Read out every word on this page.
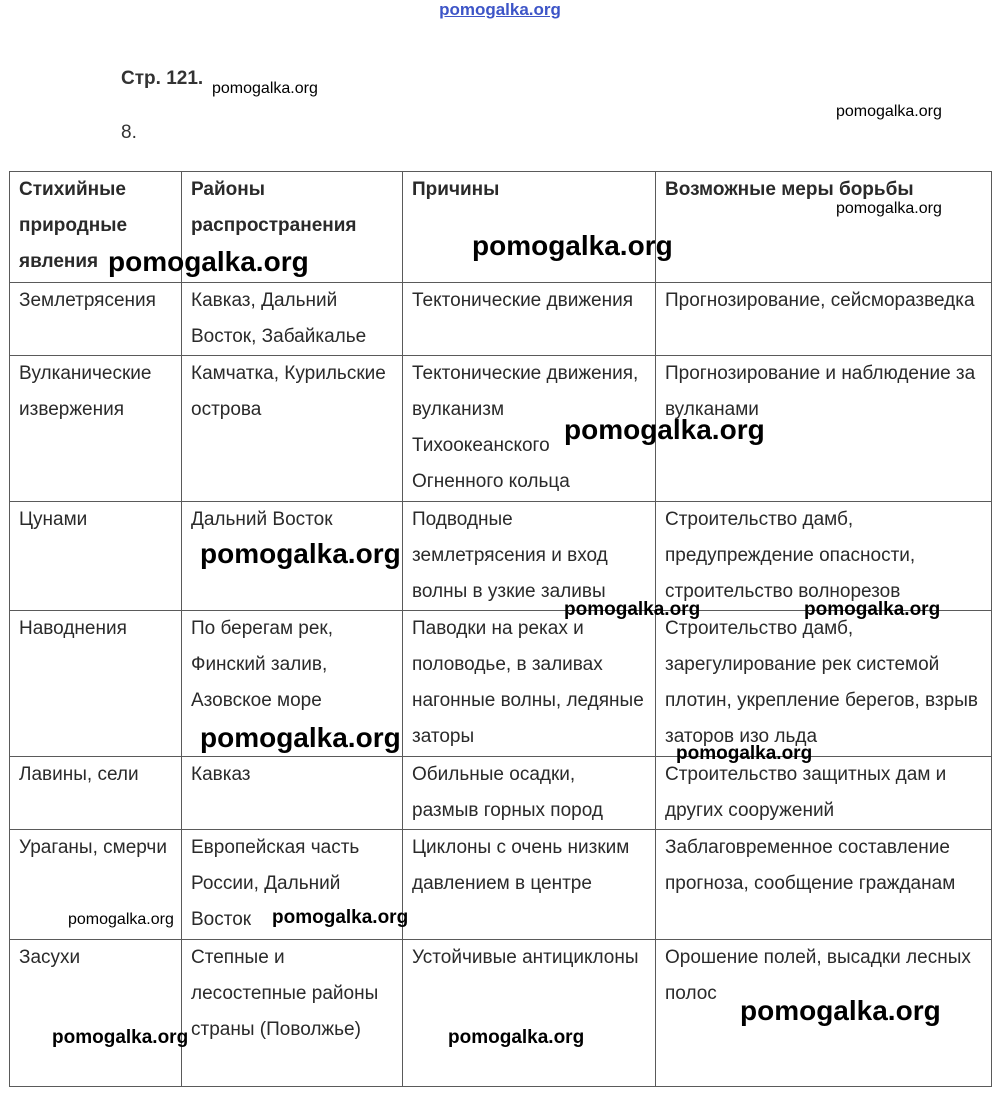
pomogalka.org
Стр. 121.
8.
Стихийные природные явления	Районы распространения	Причины	Возможные меры борьбы
Землетрясения	Кавказ, Дальний Восток, Забайкалье	Тектонические движения	Прогнозирование, сейсморазведка
Вулканические извержения	Камчатка, Курильские острова	Тектонические движения, вулканизм Тихоокеанского Огненного кольца	Прогнозирование и наблюдение за вулканами
Цунами	Дальний Восток	Подводные землетрясения и вход волны в узкие заливы	Строительство дамб, предупреждение опасности, строительство волнорезов
Наводнения	По берегам рек, Финский залив, Азовское море	Паводки на реках и половодье, в заливах нагонные волны, ледяные заторы	Строительство дамб, зарегулирование рек системой плотин, укрепление берегов, взрыв заторов изо льда
Лавины, сели	Кавказ	Обильные осадки, размыв горных пород	Строительство защитных дам и других сооружений
Ураганы, смерчи	Европейская часть России, Дальний Восток	Циклоны с очень низким давлением в центре	Заблаговременное составление прогноза, сообщение гражданам
Засухи	Степные и лесостепные районы страны (Поволжье)	Устойчивые антициклоны	Орошение полей, высадки лесных полос
pomogalka.org
pomogalka.org
pomogalka.org
pomogalka.org
pomogalka.org
pomogalka.org
pomogalka.org
pomogalka.org	pomogalka.org
pomogalka.org
pomogalka.org
pomogalka.org	pomogalka.org
pomogalka.org
pomogalka.org	pomogalka.org
